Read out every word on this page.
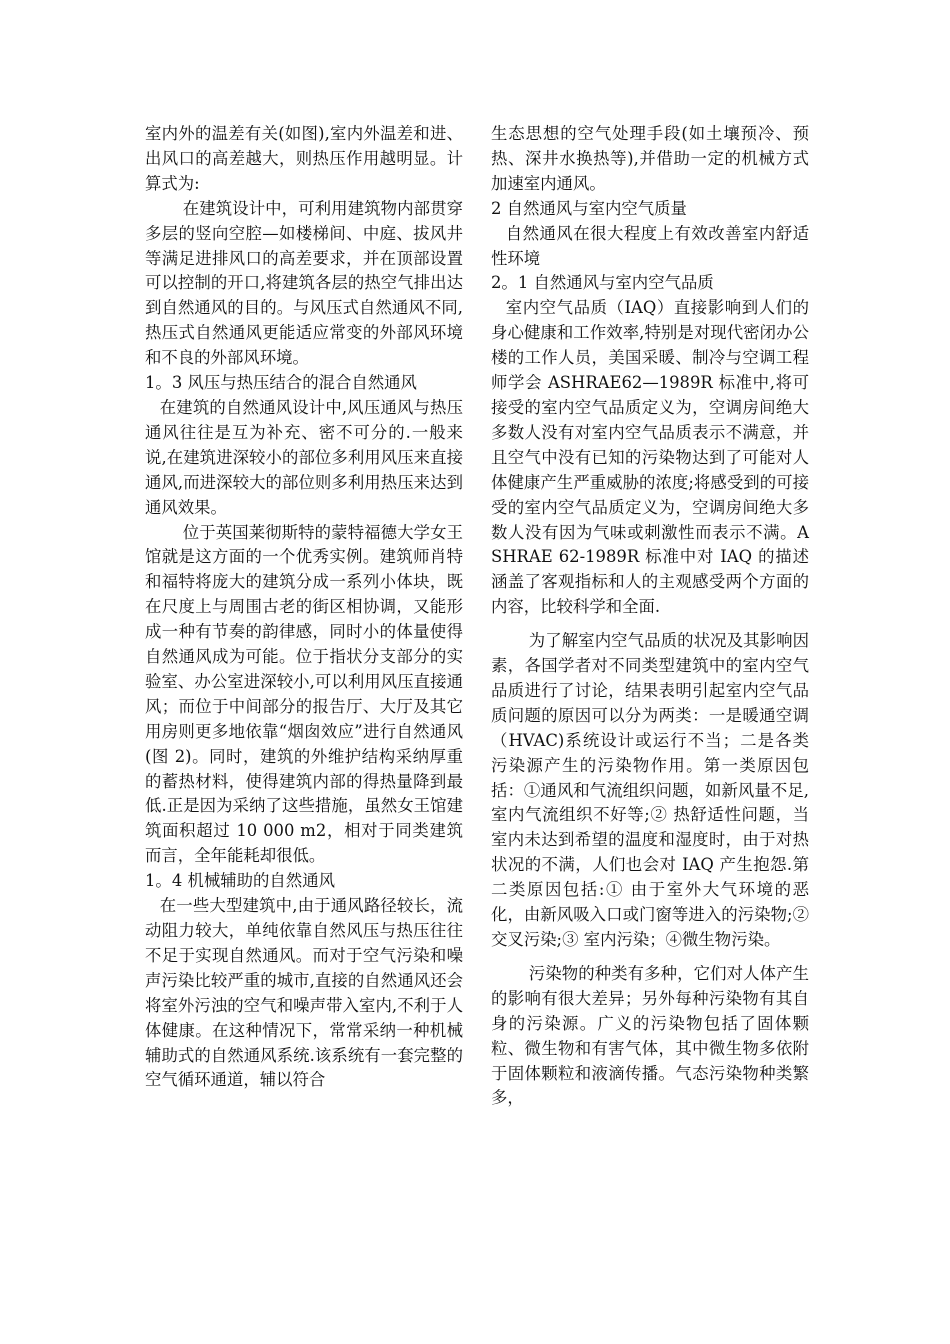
室内外的温差有关(如图),室内外温差和进、出风口的高差越大，则热压作用越明显。计算式为:

在建筑设计中，可利用建筑物内部贯穿多层的竖向空腔—如楼梯间、中庭、拔风井等满足进排风口的高差要求，并在顶部设置可以控制的开口,将建筑各层的热空气排出达到自然通风的目的。与风压式自然通风不同,热压式自然通风更能适应常变的外部风环境和不良的外部风环境。

1。3 风压与热压结合的混合自然通风

在建筑的自然通风设计中,风压通风与热压通风往往是互为补充、密不可分的.一般来说,在建筑进深较小的部位多利用风压来直接通风,而进深较大的部位则多利用热压来达到通风效果。

位于英国莱彻斯特的蒙特福德大学女王馆就是这方面的一个优秀实例。建筑师肖特和福特将庞大的建筑分成一系列小体块，既在尺度上与周围古老的街区相协调，又能形成一种有节奏的韵律感，同时小的体量使得自然通风成为可能。位于指状分支部分的实验室、办公室进深较小,可以利用风压直接通风；而位于中间部分的报告厅、大厅及其它用房则更多地依靠“烟囱效应”进行自然通风(图 2)。同时，建筑的外维护结构采纳厚重的蓄热材料，使得建筑内部的得热量降到最低.正是因为采纳了这些措施，虽然女王馆建筑面积超过 10 000 m2，相对于同类建筑而言，全年能耗却很低。

1。4 机械辅助的自然通风

在一些大型建筑中,由于通风路径较长，流动阻力较大，单纯依靠自然风压与热压往往不足于实现自然通风。而对于空气污染和噪声污染比较严重的城市,直接的自然通风还会将室外污浊的空气和噪声带入室内,不利于人体健康。在这种情况下，常常采纳一种机械辅助式的自然通风系统.该系统有一套完整的空气循环通道，辅以符合

生态思想的空气处理手段(如土壤预冷、预热、深井水换热等),并借助一定的机械方式加速室内通风。

2 自然通风与室内空气质量

自然通风在很大程度上有效改善室内舒适性环境

2。1 自然通风与室内空气品质

室内空气品质（IAQ）直接影响到人们的身心健康和工作效率,特别是对现代密闭办公楼的工作人员，美国采暖、制冷与空调工程师学会 ASHRAE62—1989R 标准中,将可接受的室内空气品质定义为，空调房间绝大多数人没有对室内空气品质表示不满意，并且空气中没有已知的污染物达到了可能对人体健康产生严重威胁的浓度;将感受到的可接受的室内空气品质定义为，空调房间绝大多数人没有因为气味或刺激性而表示不满。ASHRAE 62-1989R 标准中对 IAQ 的描述涵盖了客观指标和人的主观感受两个方面的内容，比较科学和全面.

为了解室内空气品质的状况及其影响因素，各国学者对不同类型建筑中的室内空气品质进行了讨论，结果表明引起室内空气品质问题的原因可以分为两类：一是暖通空调（HVAC)系统设计或运行不当；二是各类污染源产生的污染物作用。第一类原因包括：①通风和气流组织问题，如新风量不足,室内气流组织不好等;② 热舒适性问题，当室内未达到希望的温度和湿度时，由于对热状况的不满，人们也会对 IAQ 产生抱怨.第二类原因包括:① 由于室外大气环境的恶化，由新风吸入口或门窗等进入的污染物;② 交叉污染;③ 室内污染；④微生物污染。

污染物的种类有多种，它们对人体产生的影响有很大差异；另外每种污染物有其自身的污染源。广义的污染物包括了固体颗粒、微生物和有害气体，其中微生物多依附于固体颗粒和液滴传播。气态污染物种类繁多，
